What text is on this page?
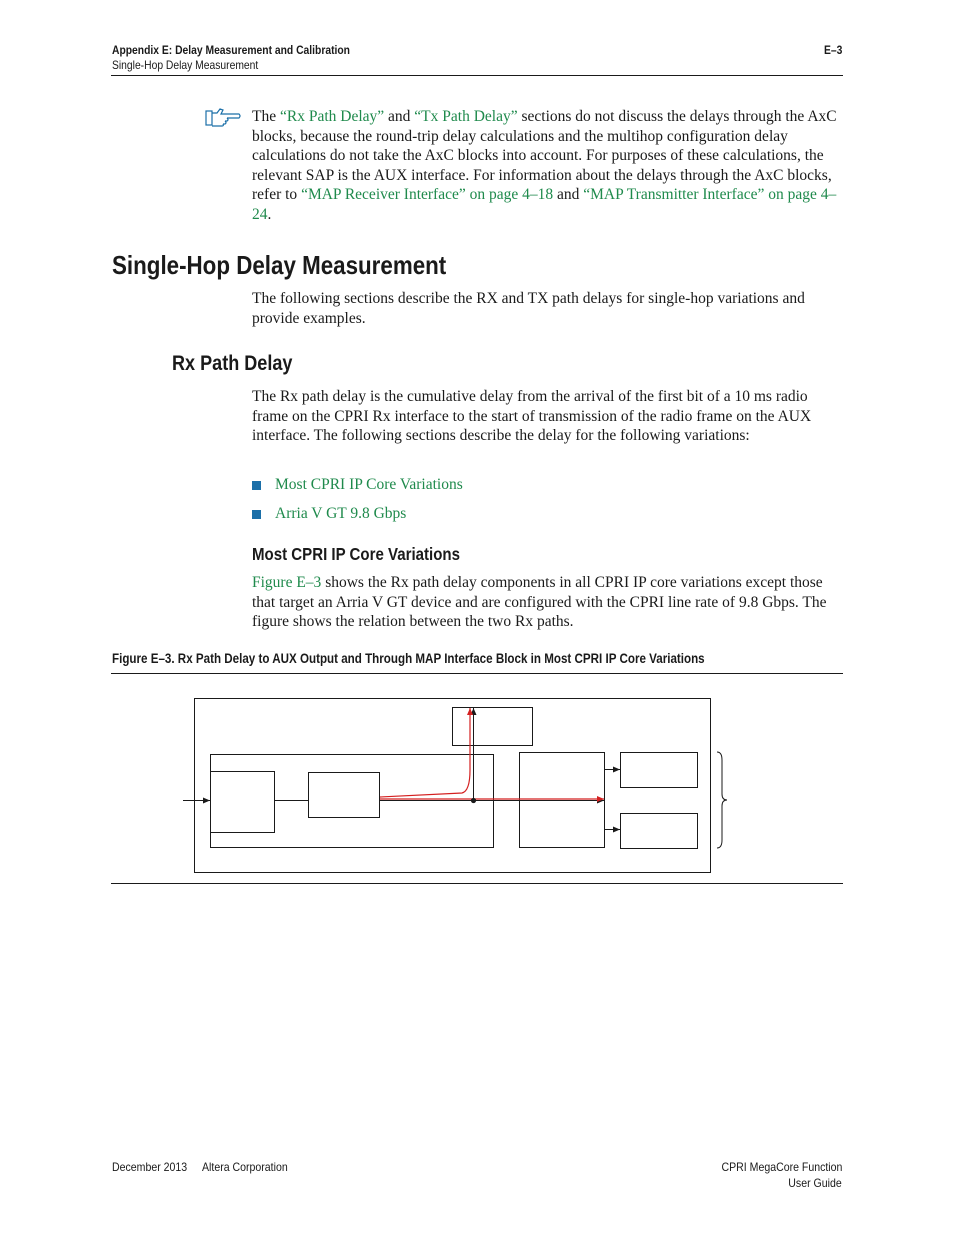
Appendix E: Delay Measurement and Calibration
Single-Hop Delay Measurement
E–3
The “Rx Path Delay” and “Tx Path Delay” sections do not discuss the delays through the AxC blocks, because the round-trip delay calculations and the multihop configuration delay calculations do not take the AxC blocks into account. For purposes of these calculations, the relevant SAP is the AUX interface. For information about the delays through the AxC blocks, refer to “MAP Receiver Interface” on page 4–18 and “MAP Transmitter Interface” on page 4–24.
Single-Hop Delay Measurement
The following sections describe the RX and TX path delays for single-hop variations and provide examples.
Rx Path Delay
The Rx path delay is the cumulative delay from the arrival of the first bit of a 10 ms radio frame on the CPRI Rx interface to the start of transmission of the radio frame on the AUX interface. The following sections describe the delay for the following variations:
Most CPRI IP Core Variations
Arria V GT 9.8 Gbps
Most CPRI IP Core Variations
Figure E–3 shows the Rx path delay components in all CPRI IP core variations except those that target an Arria V GT device and are configured with the CPRI line rate of 9.8 Gbps. The figure shows the relation between the two Rx paths.
Figure E–3. Rx Path Delay to AUX Output and Through MAP Interface Block in Most CPRI IP Core Variations
December 2013 Altera Corporation	CPRI MegaCore Function
User Guide
